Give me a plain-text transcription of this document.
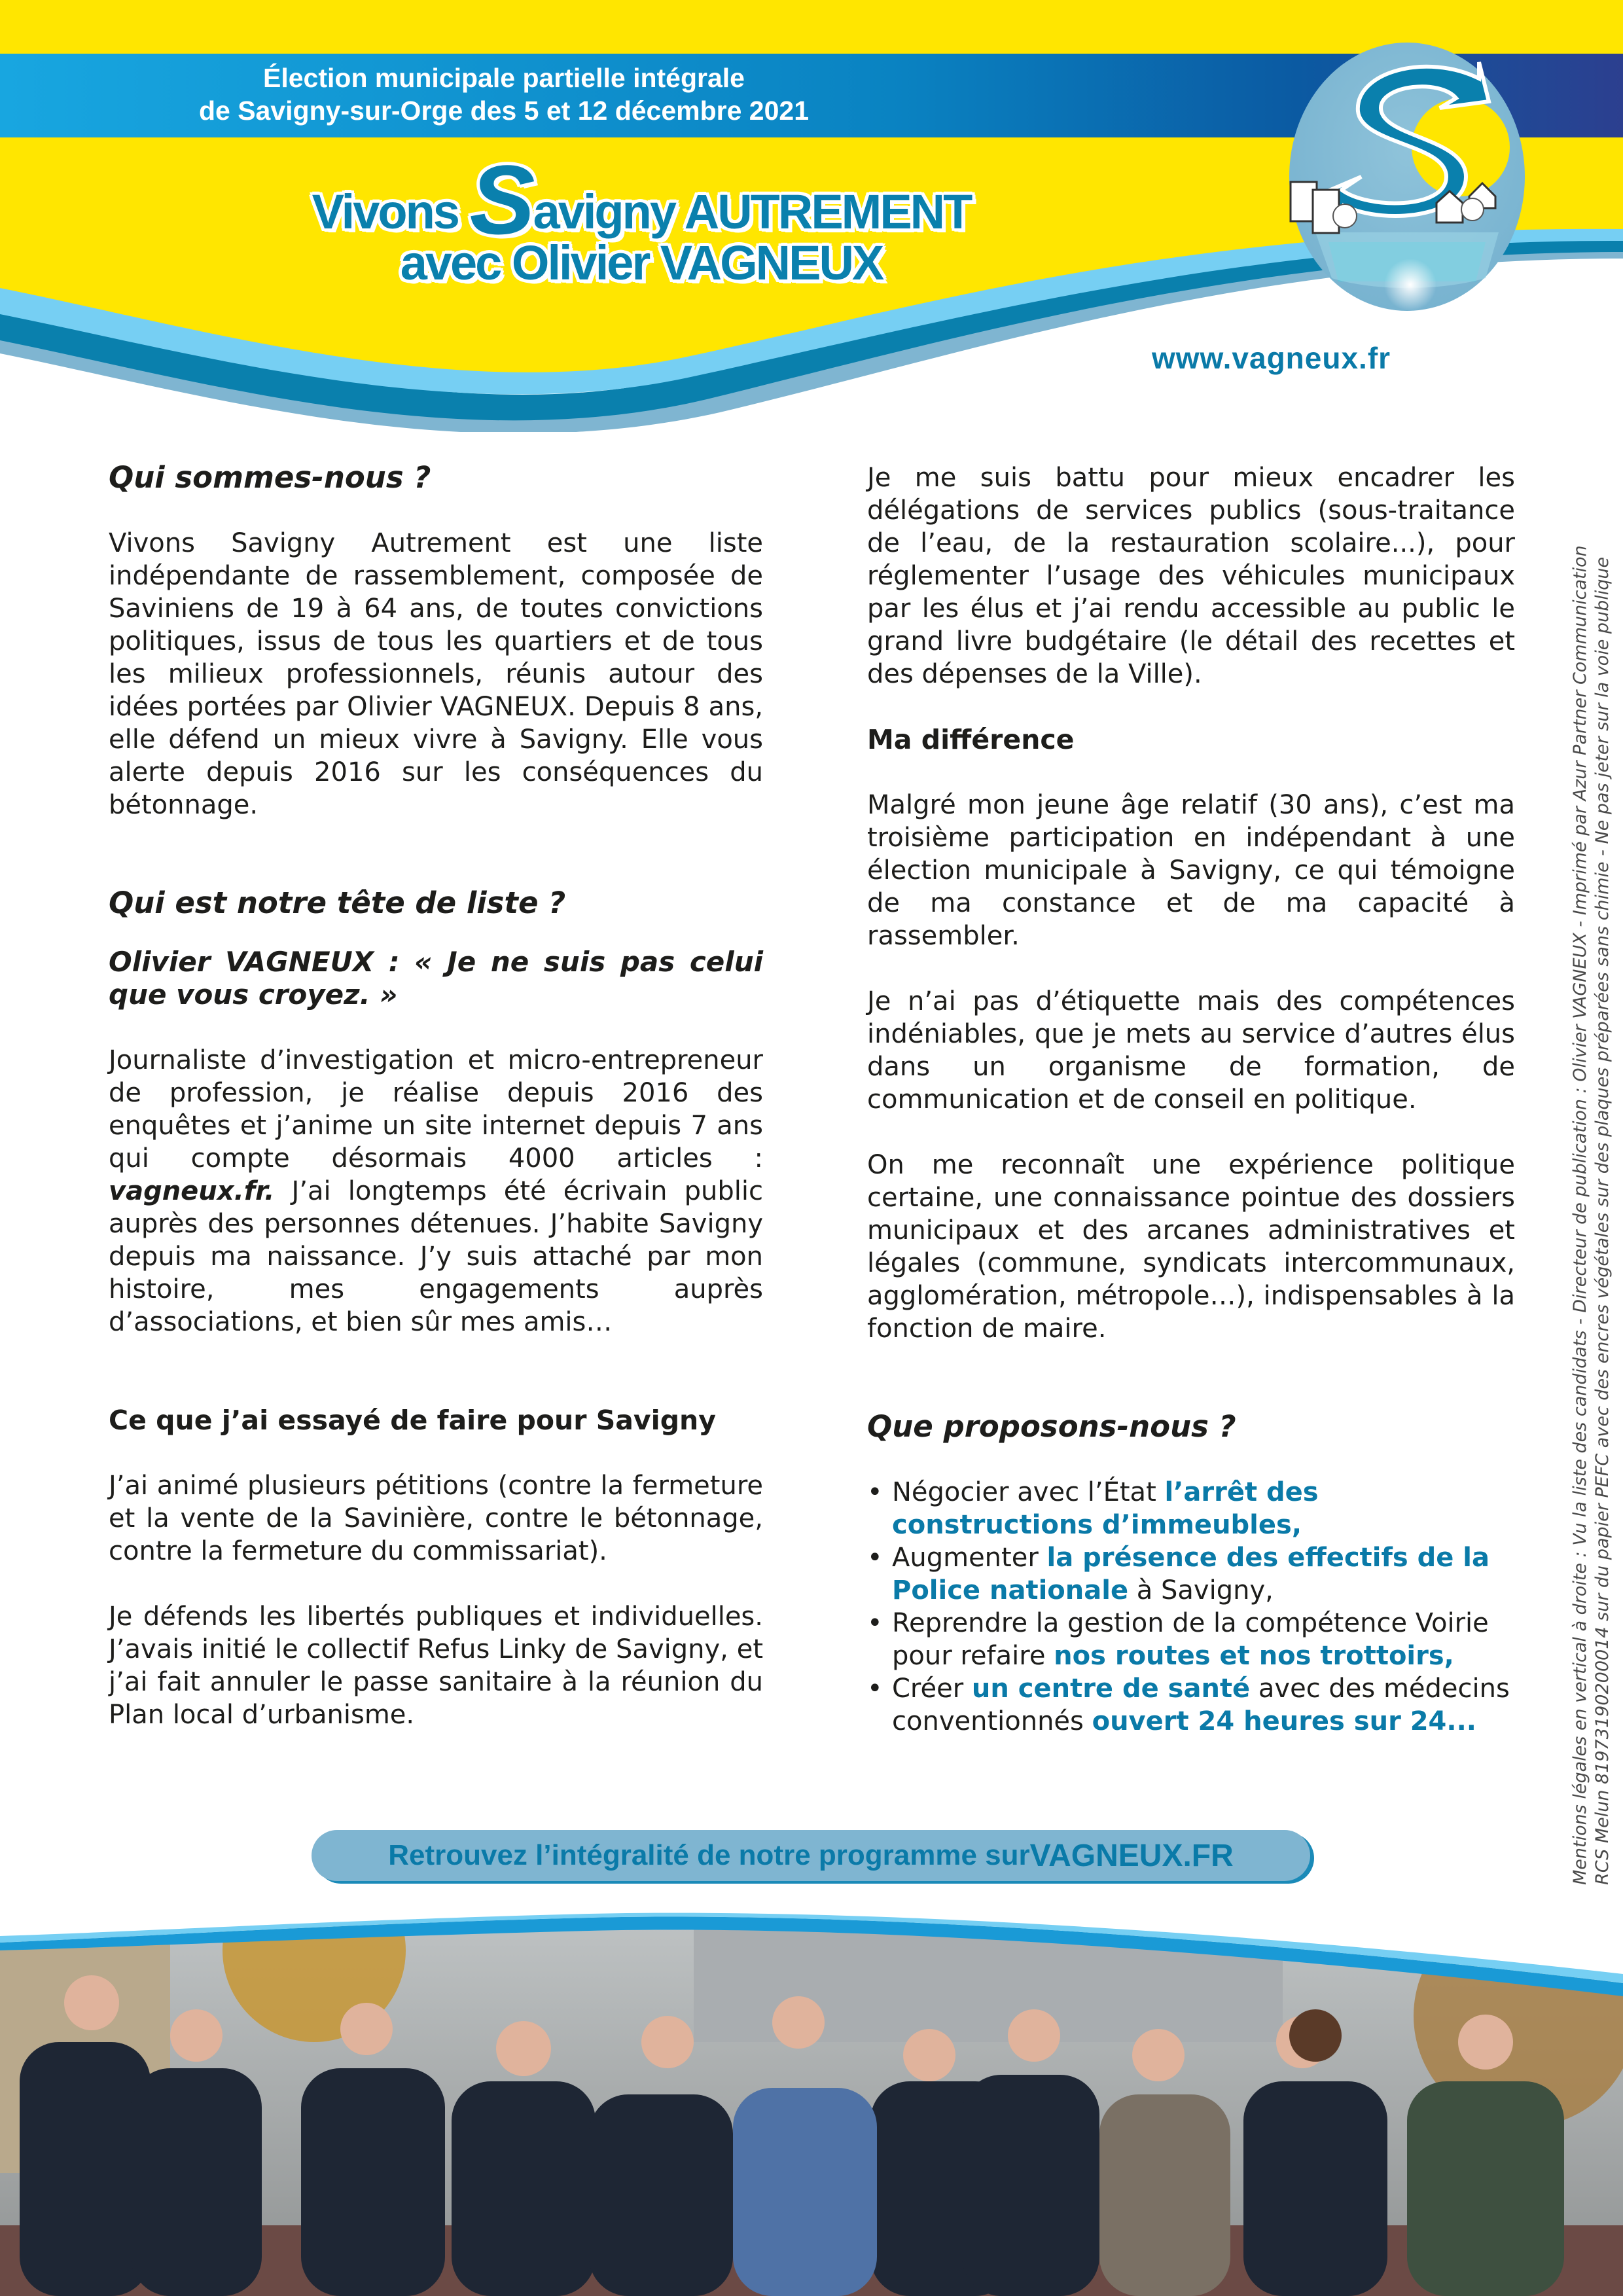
Élection municipale partielle intégrale
de Savigny-sur-Orge des 5 et 12 décembre 2021
Vivons Savigny AUTREMENT
avec Olivier VAGNEUX
www.vagneux.fr

Qui sommes-nous ?

Vivons Savigny Autrement est une liste indépendante de rassemblement, composée de Saviniens de 19 à 64 ans, de toutes convictions politiques, issus de tous les quartiers et de tous les milieux professionnels, réunis autour des idées portées par Olivier VAGNEUX. Depuis 8 ans, elle défend un mieux vivre à Savigny. Elle vous alerte depuis 2016 sur les conséquences du bétonnage.

Qui est notre tête de liste ?

Olivier VAGNEUX : « Je ne suis pas celui que vous croyez. »

Journaliste d’investigation et micro-entrepreneur de profession, je réalise depuis 2016 des enquêtes et j’anime un site internet depuis 7 ans qui compte désormais 4000 articles : vagneux.fr. J’ai longtemps été écrivain public auprès des personnes détenues. J’habite Savigny depuis ma naissance. J’y suis attaché par mon histoire, mes engagements auprès d’associations, et bien sûr mes amis…

Ce que j’ai essayé de faire pour Savigny

J’ai animé plusieurs pétitions (contre la fermeture et la vente de la Savinière, contre le bétonnage, contre la fermeture du commissariat).

Je défends les libertés publiques et individuelles. J’avais initié le collectif Refus Linky de Savigny, et j’ai fait annuler le passe sanitaire à la réunion du Plan local d’urbanisme.

Je me suis battu pour mieux encadrer les délégations de services publics (sous-traitance de l’eau, de la restauration scolaire...), pour réglementer l’usage des véhicules municipaux par les élus et j’ai rendu accessible au public le grand livre budgétaire (le détail des recettes et des dépenses de la Ville).

Ma différence

Malgré mon jeune âge relatif (30 ans), c’est ma troisième participation en indépendant à une élection municipale à Savigny, ce qui témoigne de ma constance et de ma capacité à rassembler.

Je n’ai pas d’étiquette mais des compétences indéniables, que je mets au service d’autres élus dans un organisme de formation, de communication et de conseil en politique.

On me reconnaît une expérience politique certaine, une connaissance pointue des dossiers municipaux et des arcanes administratives et légales (commune, syndicats intercommunaux, agglomération, métropole…), indispensables à la fonction de maire.

Que proposons-nous ?

• Négocier avec l’État l’arrêt des constructions d’immeubles,
• Augmenter la présence des effectifs de la Police nationale à Savigny,
• Reprendre la gestion de la compétence Voirie pour refaire nos routes et nos trottoirs,
• Créer un centre de santé avec des médecins conventionnés ouvert 24 heures sur 24...	Mentions légales en vertical à droite : Vu la liste des candidats - Directeur de publication : Olivier VAGNEUX - Imprimé par Azur Partner Communication RCS Melun 819731902000​14 sur du papier PEFC avec des encres végétales sur des plaques préparées sans chimie - Ne pas jeter sur la voie publique
Retrouvez l’intégralité de notre programme sur VAGNEUX.FR
